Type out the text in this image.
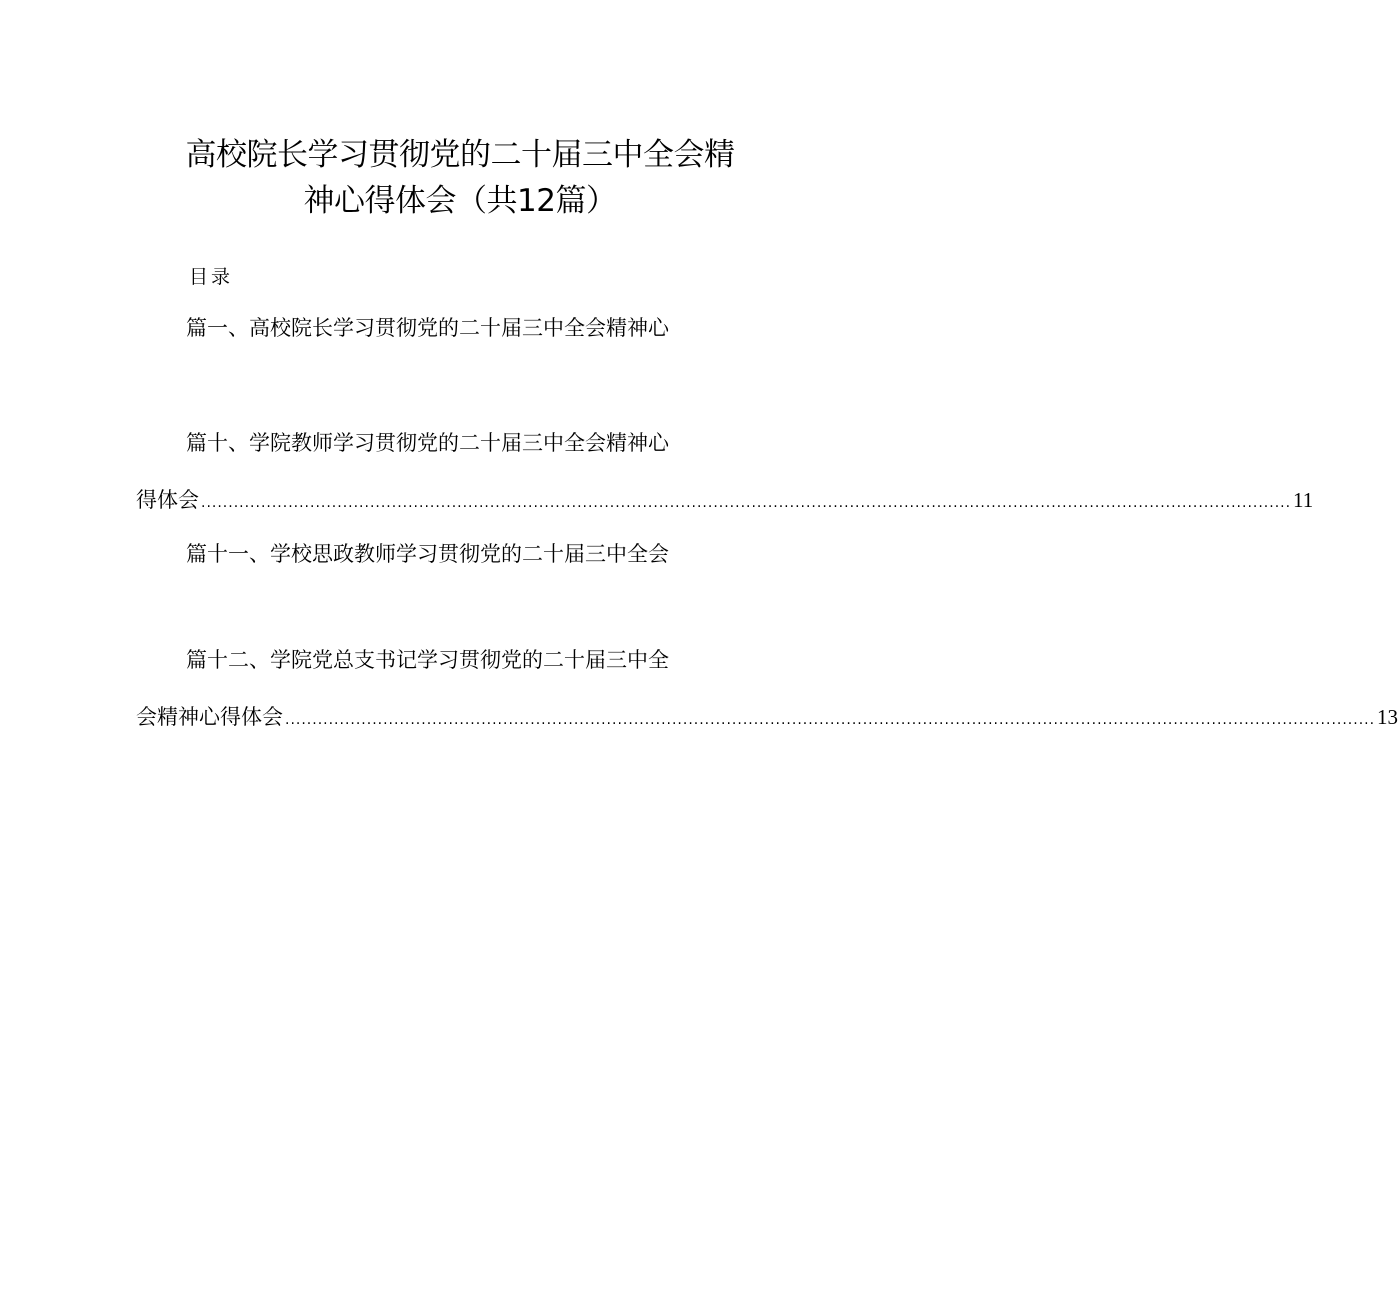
高校院长学习贯彻党的二十届三中全会精
神心得体会（共12篇）
目录
篇一、高校院长学习贯彻党的二十届三中全会精神心
篇十、学院教师学习贯彻党的二十届三中全会精神心
得体会 ........................................................................................................................................................................................................ 11
篇十一、学校思政教师学习贯彻党的二十届三中全会
篇十二、学院党总支书记学习贯彻党的二十届三中全
会精神心得体会 ........................................................................................................................................................................................................ 13
